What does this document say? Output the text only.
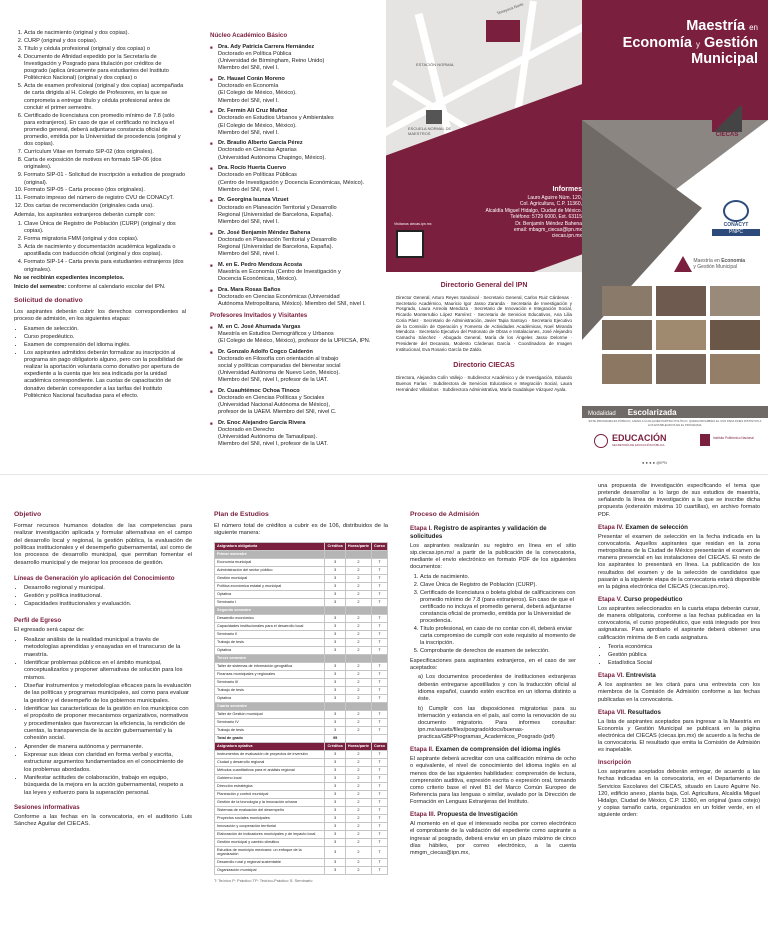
1. Acta de nacimiento (original y dos copias).
2. CURP (original y dos copias).
3. Título y cédula profesional (original y dos copias) o
4. Documento de Afinidad expedido por la Secretaría de Investigación y Posgrado para titulación por créditos de posgrado (aplica únicamente para estudiantes del Instituto Politécnico Nacional) (original y dos copias) o
5. Acta de examen profesional (original y dos copias) acompañada de carta dirigida al H. Colegio de Profesores, en la que se comprometa a entregar título y cédula profesional antes de concluir el primer semestre.
6. Certificado de licenciatura con promedio mínimo de 7.8 (sólo para extranjeros). En caso de que el certificado no incluya el promedio general, deberá adjuntarse constancia oficial de promedio, emitida por la Universidad de procedencia (original y dos copias).
7. Currículum Vitae en formato SIP-02 (dos originales).
8. Carta de exposición de motivos en formato SIP-06 (dos originales).
9. Formato SIP-01 - Solicitud de inscripción a estudios de posgrado (original).
10. Formato SIP-05 - Carta proceso (dos originales).
11. Formato impreso del número de registro CVU de CONACyT.
12. Dos cartas de recomendación (originales cada una).

Además, los aspirantes extranjeros deberán cumplir con:

1. Clave Única de Registro de Población (CURP) (original y dos copias).
2. Forma migratoria FMM (original y dos copias).
3. Acta de nacimiento y documentación académica legalizada o apostillada con traducción oficial (original y dos copias).
4. Formato SIP-14 - Carta previa para estudiantes extranjeros (dos originales).

No se recibirán expedientes incompletos.

Inicio del semestre: conforme al calendario escolar del IPN.

Solicitud de donativo

Los aspirantes deberán cubrir los derechos correspondientes al proceso de admisión, en los siguientes etapas:

• Examen de selección.
• Curso propedéutico.
• Examen de comprensión del idioma inglés.
• Los aspirantes admitidos deberán formalizar su inscripción al programa sin pago obligatorio alguno, pero con la posibilidad de realizar la aportación voluntaria como donativo por apertura de expediente a la cuenta que les sea indicada por la unidad académica correspondiente. Las cuotas de capacitación de donativo deberán corresponder a las tarifas del Instituto Politécnico Nacional facultadas para el efecto.
Núcleo Académico Básico
■ Dra. Ady Patricia Carrera Hernández
Doctorado en Política Pública
(Universidad de Birmingham, Reino Unido)
Miembro del SNI, nivel I.
■ Dr. Hauael Corán Moreno
Doctorado en Economía
(El Colegio de México, México).
Miembro del SNI, nivel I.
■ Dr. Fermín Ali Cruz Muñoz
Doctorado en Estudios Urbanos y Ambientales
(El Colegio de México, México).
Miembro del SNI, nivel I.
■ Dr. Braulio Alberto García Pérez
Doctorado en Ciencias Agrarias
(Universidad Autónoma Chapingo, México).
■ Dra. Rocío Huerta Cuervo
Doctorado en Políticas Públicas
(Centro de Investigación y Docencia Económicas, México).
Miembro del SNI, nivel I.
■ Dr. Georgina Isunza Vizuet
Doctorado en Planeación Territorial y Desarrollo
Regional (Universidad de Barcelona, España).
Miembro del SNI, nivel I.
■ Dr. José Benjamín Méndez Bahena
Doctorado en Planeación Territorial y Desarrollo
Regional (Universidad de Barcelona, España).
Miembro del SNI, nivel I.
■ M. en E. Pedro Mendoza Acosta
Maestría en Economía (Centro de Investigación y
Docencia Económicas, México).
■ Dra. Mara Rosas Baños
Doctorado en Ciencias Económicas (Universidad
Autónoma Metropolitana, México). Miembro del SNI, nivel I.
Profesores Invitados y Visitantes
■ M. en C. José Ahumada Vargas
Maestría en Estudios Demográficos y Urbanos
(El Colegio de México, México), profesor de la UPIICSA, IPN.
■ Dr. Gonzalo Adolfo Cogco Calderón
Doctorado en Filosofía con orientación al trabajo
social y políticas comparadas del bienestar social
(Universidad Autónoma de Nuevo León, México).
Miembro del SNI, nivel I, profesor de la UAT.
■ Dr. Cuauhtémoc Ochoa Tinoco
Doctorado en Ciencias Políticas y Sociales
(Universidad Nacional Autónoma de México),
profesor de la UAEM. Miembro del SNI, nivel C.
■ Dr. Enoc Alejandro García Rivera
Doctorado en Derecho
(Universidad Autónoma de Tamaulipas).
Miembro del SNI, nivel I, profesor de la UAT.
Tenayuca Norte
ESTACIÓN NORMAL
ESCUELA NORMAL DE MAESTROS
Visítanos ciecas.ipn.mx
Informes
Lauro Aguirre Núm. 120,
Col. Agricultura, C.P. 11360,
Alcaldía Miguel Hidalgo, Ciudad de México.
Teléfono: 5729 6000, Ext. 63115
Dr. Benjamín Méndez Bahena
email: mbagm_ciecas@ipn.mx
ciecas.ipn.mx
Directorio General del IPN
Director General, Arturo Reyes Sandoval · Secretario General, Carlos Ruiz Cárdenas · Secretario Académico, Mauricio Igor Jasso Zaranda · Secretaria de Investigación y Posgrado, Laura Arreola Mendoza · Secretario de Innovación e Integración Social, Ricardo Monterrubio López Ramírez · Secretario de Servicios Educativos, Ana Lilia Coria Páez · Secretario de Administración, Javier Tapia Santoyo · Secretario Ejecutivo de la Comisión de Operación y Fomento de Actividades Académicas, Noel Miranda Mendoza · Secretario Ejecutivo del Patronato de Obras e Instalaciones, José Alejandro Camacho Sánchez · Abogado General, María de los Ángeles Jasso Delorme · Presidente del Decanato, Modesto Cárdenas García · Coordinadora de Imagen Institucional, Eva Rosario García De Zaldo.
Directorio CIECAS
Directora, Alejandra Colín Vallejo · Subdirector Académico y de Investigación, Eduardo Buenos Farías · Subdirectora de Servicios Educativos e Integración Social, Laura Hernández Villalobos · Subdirectora Administrativa, María Guadalupe Vázquez Ayala.
Maestría en
Economía y Gestión
Municipal
CIECAS
CONACYT
PNPC
Maestría en Economía
y Gestión Municipal
Modalidad Escolarizada
ESTE PROGRAMA ES PÚBLICO, AJENO A CUALQUIER PARTIDO POLÍTICO. QUEDA PROHIBIDO EL USO PARA FINES DISTINTOS A LOS ESTABLECIDOS EN EL PROGRAMA.
EDUCACIÓN
SECRETARÍA DE EDUCACIÓN PÚBLICA
Instituto Politécnico Nacional
● ● ● ● @IPN
Objetivo

Formar recursos humanos dotados de las competencias para realizar investigación aplicada y formular alternativas en el campo del desarrollo local y regional, la gestión pública, la evaluación de políticas institucionales y el desempeño gubernamental, así como de los procesos de desarrollo municipal, que permitan fomentar el desarrollo municipal y de mejorar los procesos de gestión.

Líneas de Generación y/o aplicación del Conocimiento
• Desarrollo regional y municipal.
• Gestión y política institucional.
• Capacidades institucionales y evaluación.
Perfil de Egreso

El egresado será capaz de:

• Realizar análisis de la realidad municipal a través de metodologías aprendidas y ensayadas en el transcurso de la maestría.
• Identificar problemas públicos en el ámbito municipal, conceptualizarlos y proponer alternativas de solución para los mismos.
• Diseñar instrumentos y metodologías eficaces para la evaluación de las políticas y programas municipales, así como para evaluar la gestión y el desempeño de los gobiernos municipales.
• Identificar las características de la gestión en los municipios con el propósito de proponer mecanismos organizativos, normativos y procedimentales que favorezcan la eficiencia, la rendición de cuentas, la transparencia de la acción gubernamental y la cohesión social.
• Aprender de manera autónoma y permanente.
• Expresar sus ideas con claridad en forma verbal y escrita, estructurar argumentos fundamentados en el conocimiento de los problemas abordados.
• Manifestar actitudes de colaboración, trabajo en equipo, búsqueda de la mejora en la acción gubernamental, respeto a las leyes y esfuerzo para la superación personal.
Sesiones informativas

Conforme a las fechas en la convocatoria, en el auditorio Luis Sánchez Aguilar del CIECAS.

Plan de Estudios

El número total de créditos a cubrir es de 106, distribuidos de la siguiente manera:

Asignatura obligatoria	Créditos	Horas/parte	Curso
Primer semestre			
Economía municipal	3	2	T
Administración del sector público	3	2	T
Gestión municipal	3	2	T
Política económica estatal y municipal	3	2	T
Optativa	3	2	T
Seminario I	3	2	T
Segundo semestre			
Desarrollo económico	3	2	T
Capacidades institucionales para el desarrollo local	3	2	T
Seminario II	3	2	T
Trabajo de tesis	3	2	T
Optativa	3	2	T
Tercer semestre			
Taller de sistemas de información geográfica	3	2	T
Finanzas municipales y regionales	3	2	T
Seminario III	3	2	T
Trabajo de tesis	3	2	T
Optativa	3	2	T
Cuarto semestre			
Taller de Gestión municipal	3	2	T
Seminario IV	3	2	T
Trabajo de tesis	3	2	T
Total de grado	95		
Asignatura optativa	Créditos	Horas/parte	Curso
Instrumentos de evaluación de proyectos de inversión	3	2	T
Ciudad y desarrollo regional	3	2	T
Métodos cuantitativos para el análisis regional	3	2	T
Gobierno local	3	2	T
Dirección estratégica	3	2	T
Planeación y control municipal	3	2	T
Gestión de la tecnología y la innovación urbana	3	2	T
Sistemas de evaluación del desempeño	3	2	T
Proyectos sociales municipales	3	2	T
Innovación y cooperación territorial	3	2	T
Elaboración de indicadores municipales y de impacto local	3	2	T
Gestión municipal y cambio climático	3	2	T
Estudios de municipio mexicano: un enfoque de la organización	3	2	T
Desarrollo rural y regional sustentable	3	2	T
Organización municipal	3	2	T
T: Teórico P: Práctico TP: Teórico-Práctico S: Seminario
Proceso de Admisión
Etapa I. Registro de aspirantes y validación de solicitudes

Los aspirantes realizarán su registro en línea en el sitio sip.ciecas.ipn.mx/ a partir de la publicación de la convocatoria, mediante el envío electrónico en formato PDF de los siguientes documentos:

1. Acta de nacimiento.
2. Clave Única de Registro de Población (CURP).
3. Certificado de licenciatura o boleta global de calificaciones con promedio mínimo de 7.8 (para extranjeros). En caso de que el certificado no incluya el promedio general, deberá adjuntarse constancia oficial de promedio, emitida por la Universidad de procedencia.
4. Título profesional, en caso de no contar con él, deberá enviar carta compromiso de cumplir con este requisito al momento de la inscripción.
5. Comprobante de derechos de examen de selección.

Especificaciones para aspirantes extranjeros, en el caso de ser aceptados:

a) Los documentos procedentes de instituciones extranjeras deberán entregarse apostillados y con la traducción oficial al idioma español, cuando estén escritos en un idioma distinto a éste.

b) Cumplir con las disposiciones migratorias para su internación y estancia en el país, así como la renovación de su documento migratorio. Para informes consultar: ipn.mx/assets/files/posgrado/docs/buenas-practicas/GBPProgramas_Academicos_Posgrado (pdf)

Etapa II. Examen de comprensión del idioma inglés

El aspirante deberá acreditar con una calificación mínima de ocho o equivalente, el nivel de conocimiento del idioma inglés en al menos dos de las siguientes habilidades: comprensión de lectura, comprensión auditiva, expresión escrita o expresión oral, tomando como criterio base el nivel B1 del Marco Común Europeo de Referencia para las lenguas o similar, avalado por la Dirección de Formación en Lenguas Extranjeras del Instituto.

Etapa III. Propuesta de Investigación

Al momento en el que el interesado reciba por correo electrónico el comprobante de la validación del expediente como aspirante a ingresar al posgrado, deberá enviar en un plazo máximo de cinco días hábiles, por correo electrónico, a la cuenta mmgm_ciecas@ipn.mx,

una propuesta de investigación especificando el tema que pretende desarrollar a lo largo de sus estudios de maestría, señalando la línea de investigación a la que se inscribe dicha propuesta (extensión máxima 10 cuartillas), en archivo formato PDF.

Etapa IV. Examen de selección

Presentar el examen de selección en la fecha indicada en la convocatoria. Aquellos aspirantes que residan en la zona metropolitana de la Ciudad de México presentarán el examen de manera presencial en las instalaciones del CIECAS. El resto de los aspirantes lo presentará en línea. La publicación de los resultados del examen y de la selección de candidatos que pasarán a la siguiente etapa de la convocatoria estará disponible en la página electrónica del CIECAS (ciecas.ipn.mx).

Etapa V. Curso propedéutico

Los aspirantes seleccionados en la cuarta etapa deberán cursar, de manera obligatoria, conforme a las fechas publicadas en la convocatoria, el curso propedéutico, que está integrado por tres asignaturas. Para aprobarlo el aspirante deberá obtener una calificación mínima de 8 en cada asignatura.

• Teoría económica
• Gestión pública
• Estadística Social
Etapa VI. Entrevista

A los aspirantes se les citará para una entrevista con los miembros de la Comisión de Admisión conforme a las fechas publicadas en la convocatoria.

Etapa VII. Resultados

La lista de aspirantes aceptados para ingresar a la Maestría en Economía y Gestión Municipal se publicará en la página electrónica del CIECAS (ciecas.ipn.mx) de acuerdo a la fecha de la convocatoria. El resultado que emita la Comisión de Admisión es inapelable.

Inscripción

Los aspirantes aceptados deberán entregar, de acuerdo a las fechas indicadas en la convocatoria, en el Departamento de Servicios Escolares del CIECAS, situado en Lauro Aguirre No. 120, edificio anexo, planta baja, Col. Agricultura, Alcaldía Miguel Hidalgo, Ciudad de México, C.P. 11360, en original (para cotejo) y copias tamaño carta, organizados en un folder verde, en el siguiente orden:
